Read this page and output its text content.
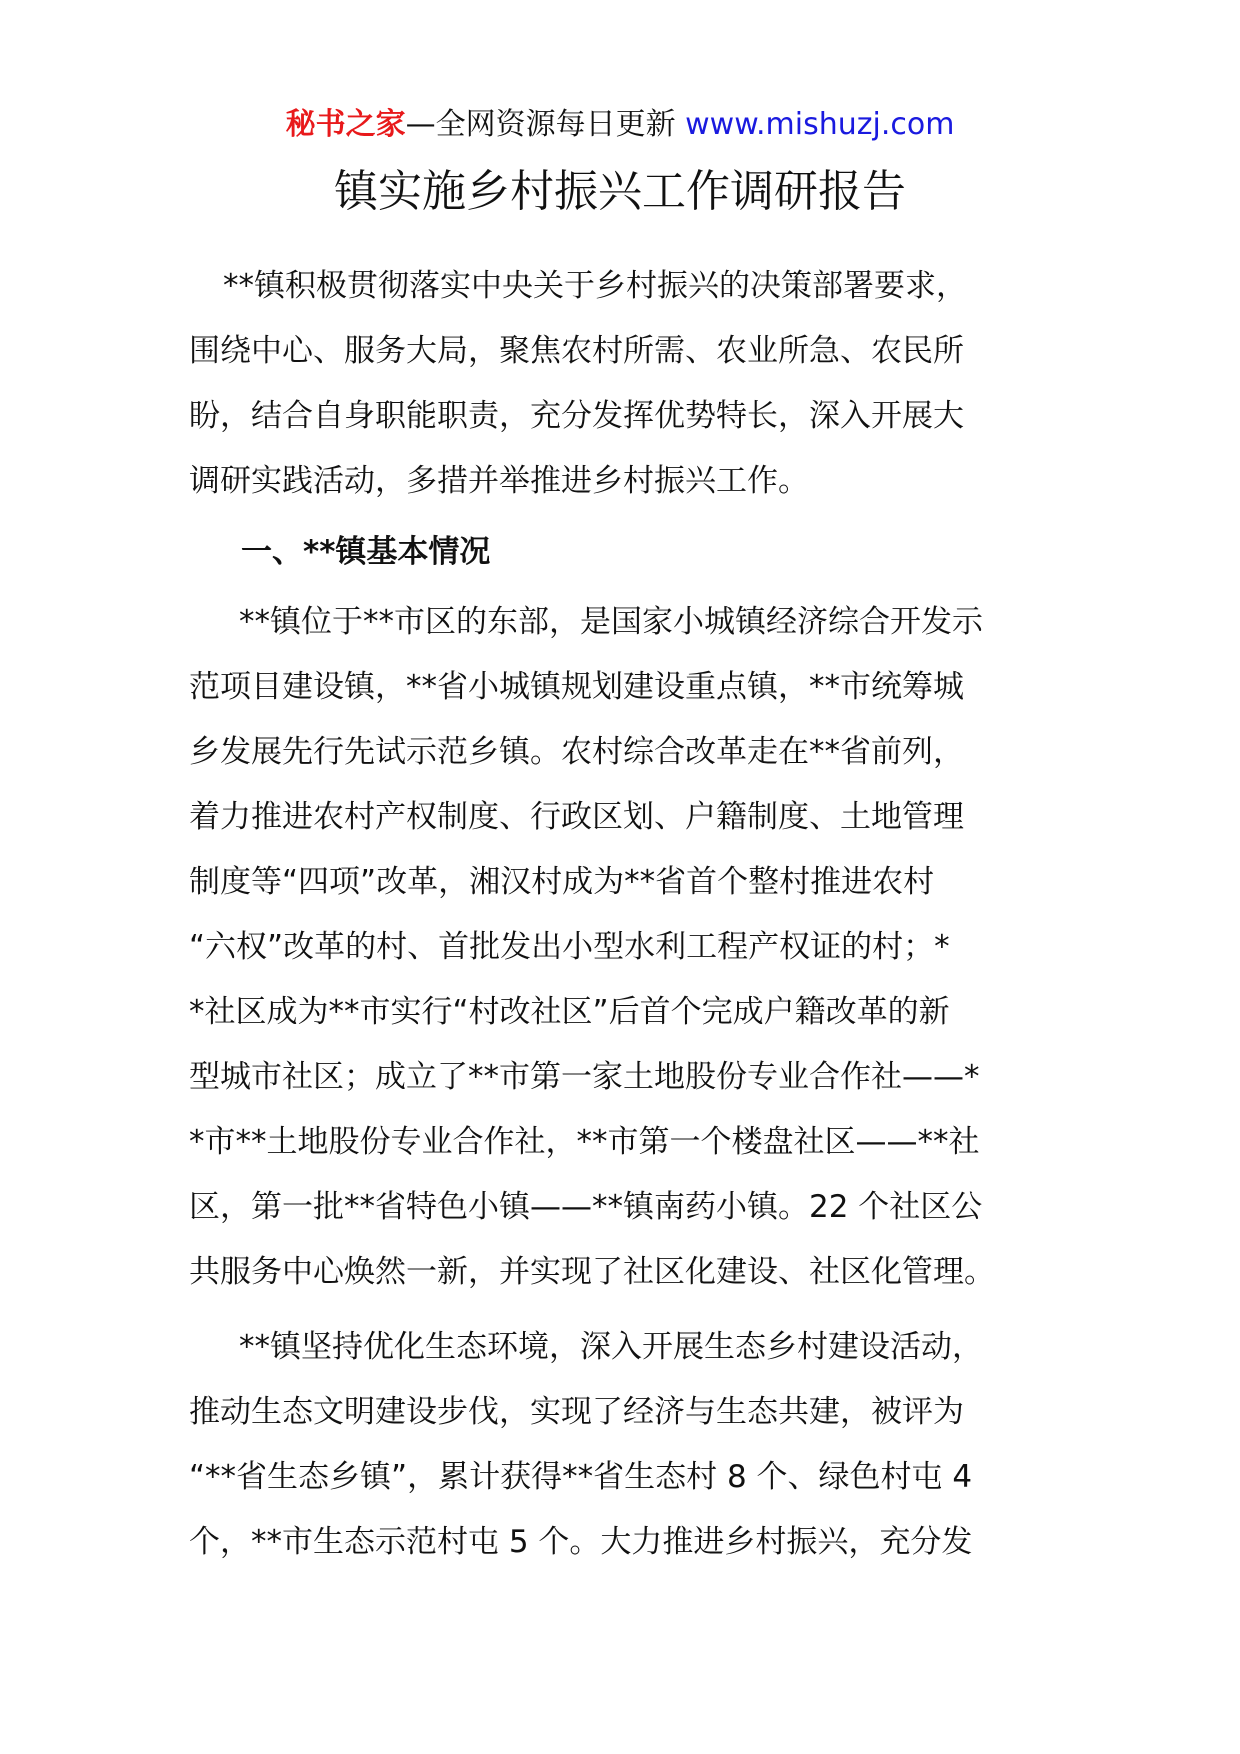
秘书之家—全网资源每日更新 www.mishuzj.com
镇实施乡村振兴工作调研报告
**镇积极贯彻落实中央关于乡村振兴的决策部署要求，
围绕中心、服务大局，聚焦农村所需、农业所急、农民所
盼，结合自身职能职责，充分发挥优势特长，深入开展大
调研实践活动，多措并举推进乡村振兴工作。
一、**镇基本情况
**镇位于**市区的东部，是国家小城镇经济综合开发示
范项目建设镇，**省小城镇规划建设重点镇，**市统筹城
乡发展先行先试示范乡镇。农村综合改革走在**省前列，
着力推进农村产权制度、行政区划、户籍制度、土地管理
制度等“四项”改革，湘汉村成为**省首个整村推进农村
“六权”改革的村、首批发出小型水利工程产权证的村；*
*社区成为**市实行“村改社区”后首个完成户籍改革的新
型城市社区；成立了**市第一家土地股份专业合作社——*
*市**土地股份专业合作社，**市第一个楼盘社区——**社
区，第一批**省特色小镇——**镇南药小镇。22 个社区公
共服务中心焕然一新，并实现了社区化建设、社区化管理。
**镇坚持优化生态环境，深入开展生态乡村建设活动，
推动生态文明建设步伐，实现了经济与生态共建，被评为
“**省生态乡镇”，累计获得**省生态村 8 个、绿色村屯 4
个，**市生态示范村屯 5 个。大力推进乡村振兴，充分发
